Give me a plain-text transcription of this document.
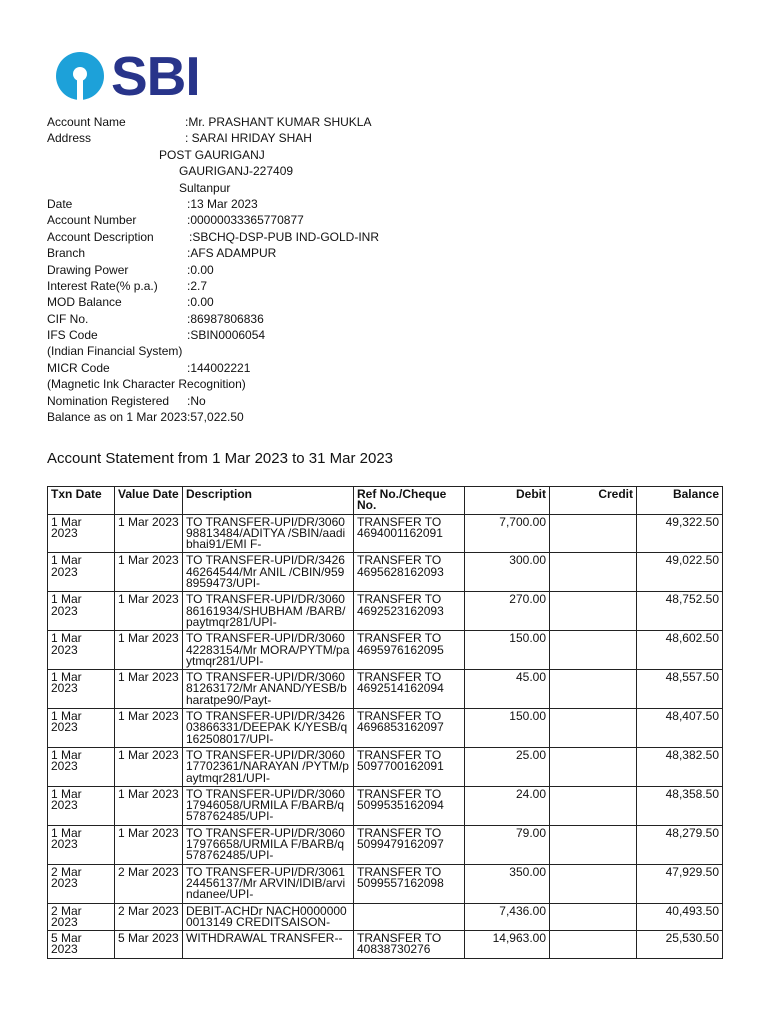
SBI
Account Name	:Mr. PRASHANT KUMAR SHUKLA
Address	: SARAI HRIDAY SHAH
POST GAURIGANJ
GAURIGANJ-227409
Sultanpur
Date	:13 Mar 2023
Account Number	:00000033365770877
Account Description	:SBCHQ-DSP-PUB IND-GOLD-INR
Branch	:AFS ADAMPUR
Drawing Power	:0.00
Interest Rate(% p.a.) :2.7
MOD Balance	:0.00
CIF No.	:86987806836
IFS Code	:SBIN0006054
(Indian Financial System)
MICR Code	:144002221
(Magnetic Ink Character Recognition)
Nomination Registered :No
Balance as on 1 Mar 2023 :57,022.50
Account Statement from 1 Mar 2023 to 31 Mar 2023
Txn Date	Value Date	Description	Ref No./Cheque No.	Debit	Credit	Balance
1 Mar 2023	1 Mar 2023	TO TRANSFER-UPI/DR/306098813484/ADITYA /SBIN/aadibhai91/EMI F-	TRANSFER TO 4694001162091	7,700.00		49,322.50
1 Mar 2023	1 Mar 2023	TO TRANSFER-UPI/DR/342646264544/Mr ANIL /CBIN/9598959473/UPI-	TRANSFER TO 4695628162093	300.00		49,022.50
1 Mar 2023	1 Mar 2023	TO TRANSFER-UPI/DR/306086161934/SHUBHAM /BARB/paytmqr281/UPI-	TRANSFER TO 4692523162093	270.00		48,752.50
1 Mar 2023	1 Mar 2023	TO TRANSFER-UPI/DR/306042283154/Mr MORA/PYTM/paytmqr281/UPI-	TRANSFER TO 4695976162095	150.00		48,602.50
1 Mar 2023	1 Mar 2023	TO TRANSFER-UPI/DR/306081263172/Mr ANAND/YESB/bharatpe90/Payt-	TRANSFER TO 4692514162094	45.00		48,557.50
1 Mar 2023	1 Mar 2023	TO TRANSFER-UPI/DR/342603866331/DEEPAK K/YESB/q162508017/UPI-	TRANSFER TO 4696853162097	150.00		48,407.50
1 Mar 2023	1 Mar 2023	TO TRANSFER-UPI/DR/306017702361/NARAYAN /PYTM/paytmqr281/UPI-	TRANSFER TO 5097700162091	25.00		48,382.50
1 Mar 2023	1 Mar 2023	TO TRANSFER-UPI/DR/306017946058/URMILA F/BARB/q578762485/UPI-	TRANSFER TO 5099535162094	24.00		48,358.50
1 Mar 2023	1 Mar 2023	TO TRANSFER-UPI/DR/306017976658/URMILA F/BARB/q578762485/UPI-	TRANSFER TO 5099479162097	79.00		48,279.50
2 Mar 2023	2 Mar 2023	TO TRANSFER-UPI/DR/306124456137/Mr ARVIN/IDIB/arvindanee/UPI-	TRANSFER TO 5099557162098	350.00		47,929.50
2 Mar 2023	2 Mar 2023	DEBIT-ACHDr NACH00000000013149 CREDITSAISON-		7,436.00		40,493.50
5 Mar 2023	5 Mar 2023	WITHDRAWAL TRANSFER--	TRANSFER TO 40838730276	14,963.00		25,530.50
